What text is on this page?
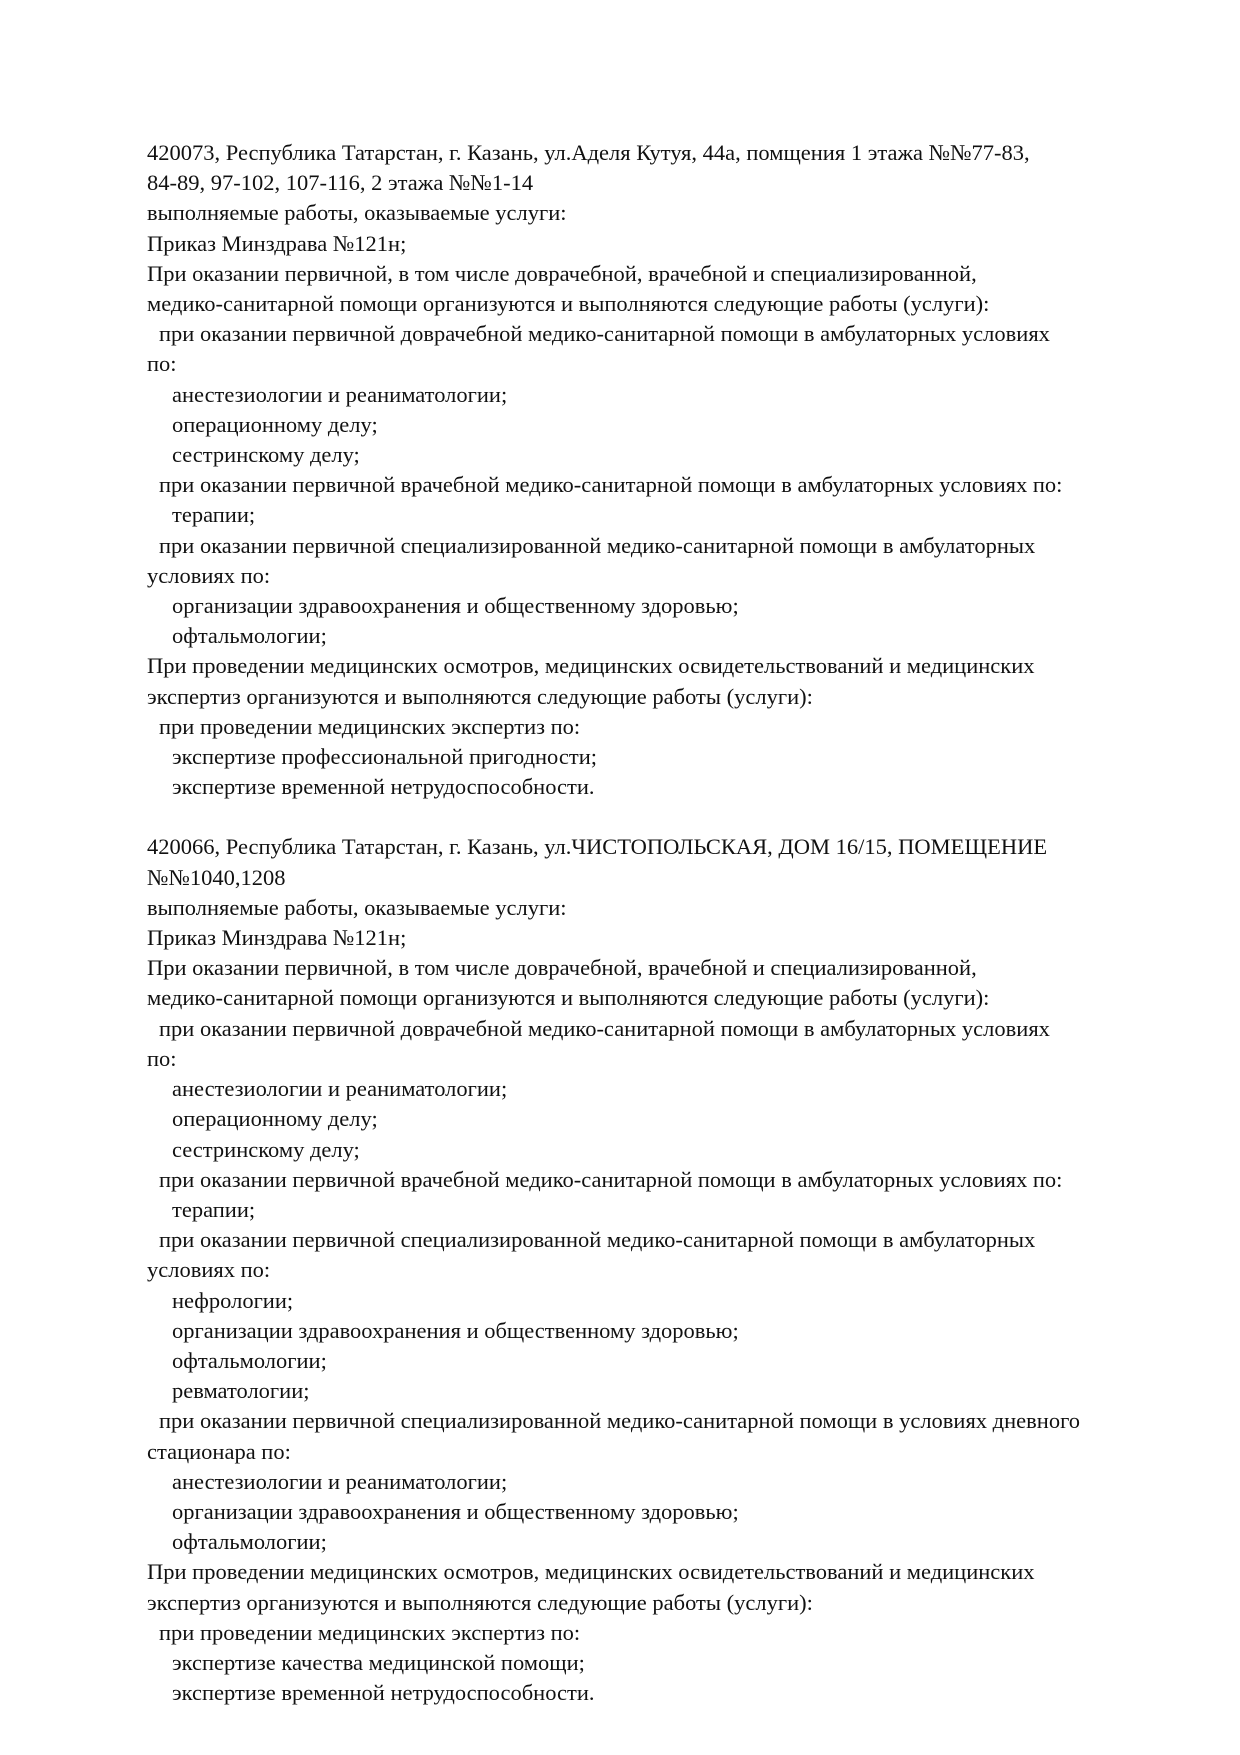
420073, Республика Татарстан, г. Казань, ул.Аделя Кутуя, 44а, помщения 1 этажа №№77-83,
84-89, 97-102, 107-116, 2 этажа №№1-14
выполняемые работы, оказываемые услуги:
Приказ Минздрава №121н;
При оказании первичной, в том числе доврачебной, врачебной и специализированной,
медико-санитарной помощи организуются и выполняются следующие работы (услуги):
при оказании первичной доврачебной медико-санитарной помощи в амбулаторных условиях
по:
анестезиологии и реаниматологии;
операционному делу;
сестринскому делу;
при оказании первичной врачебной медико-санитарной помощи в амбулаторных условиях по:
терапии;
при оказании первичной специализированной медико-санитарной помощи в амбулаторных
условиях по:
организации здравоохранения и общественному здоровью;
офтальмологии;
При проведении медицинских осмотров, медицинских освидетельствований и медицинских
экспертиз организуются и выполняются следующие работы (услуги):
при проведении медицинских экспертиз по:
экспертизе профессиональной пригодности;
экспертизе временной нетрудоспособности.
420066, Республика Татарстан, г. Казань, ул.ЧИСТОПОЛЬСКАЯ, ДОМ 16/15, ПОМЕЩЕНИЕ
№№1040,1208
выполняемые работы, оказываемые услуги:
Приказ Минздрава №121н;
При оказании первичной, в том числе доврачебной, врачебной и специализированной,
медико-санитарной помощи организуются и выполняются следующие работы (услуги):
при оказании первичной доврачебной медико-санитарной помощи в амбулаторных условиях
по:
анестезиологии и реаниматологии;
операционному делу;
сестринскому делу;
при оказании первичной врачебной медико-санитарной помощи в амбулаторных условиях по:
терапии;
при оказании первичной специализированной медико-санитарной помощи в амбулаторных
условиях по:
нефрологии;
организации здравоохранения и общественному здоровью;
офтальмологии;
ревматологии;
при оказании первичной специализированной медико-санитарной помощи в условиях дневного
стационара по:
анестезиологии и реаниматологии;
организации здравоохранения и общественному здоровью;
офтальмологии;
При проведении медицинских осмотров, медицинских освидетельствований и медицинских
экспертиз организуются и выполняются следующие работы (услуги):
при проведении медицинских экспертиз по:
экспертизе качества медицинской помощи;
экспертизе временной нетрудоспособности.
